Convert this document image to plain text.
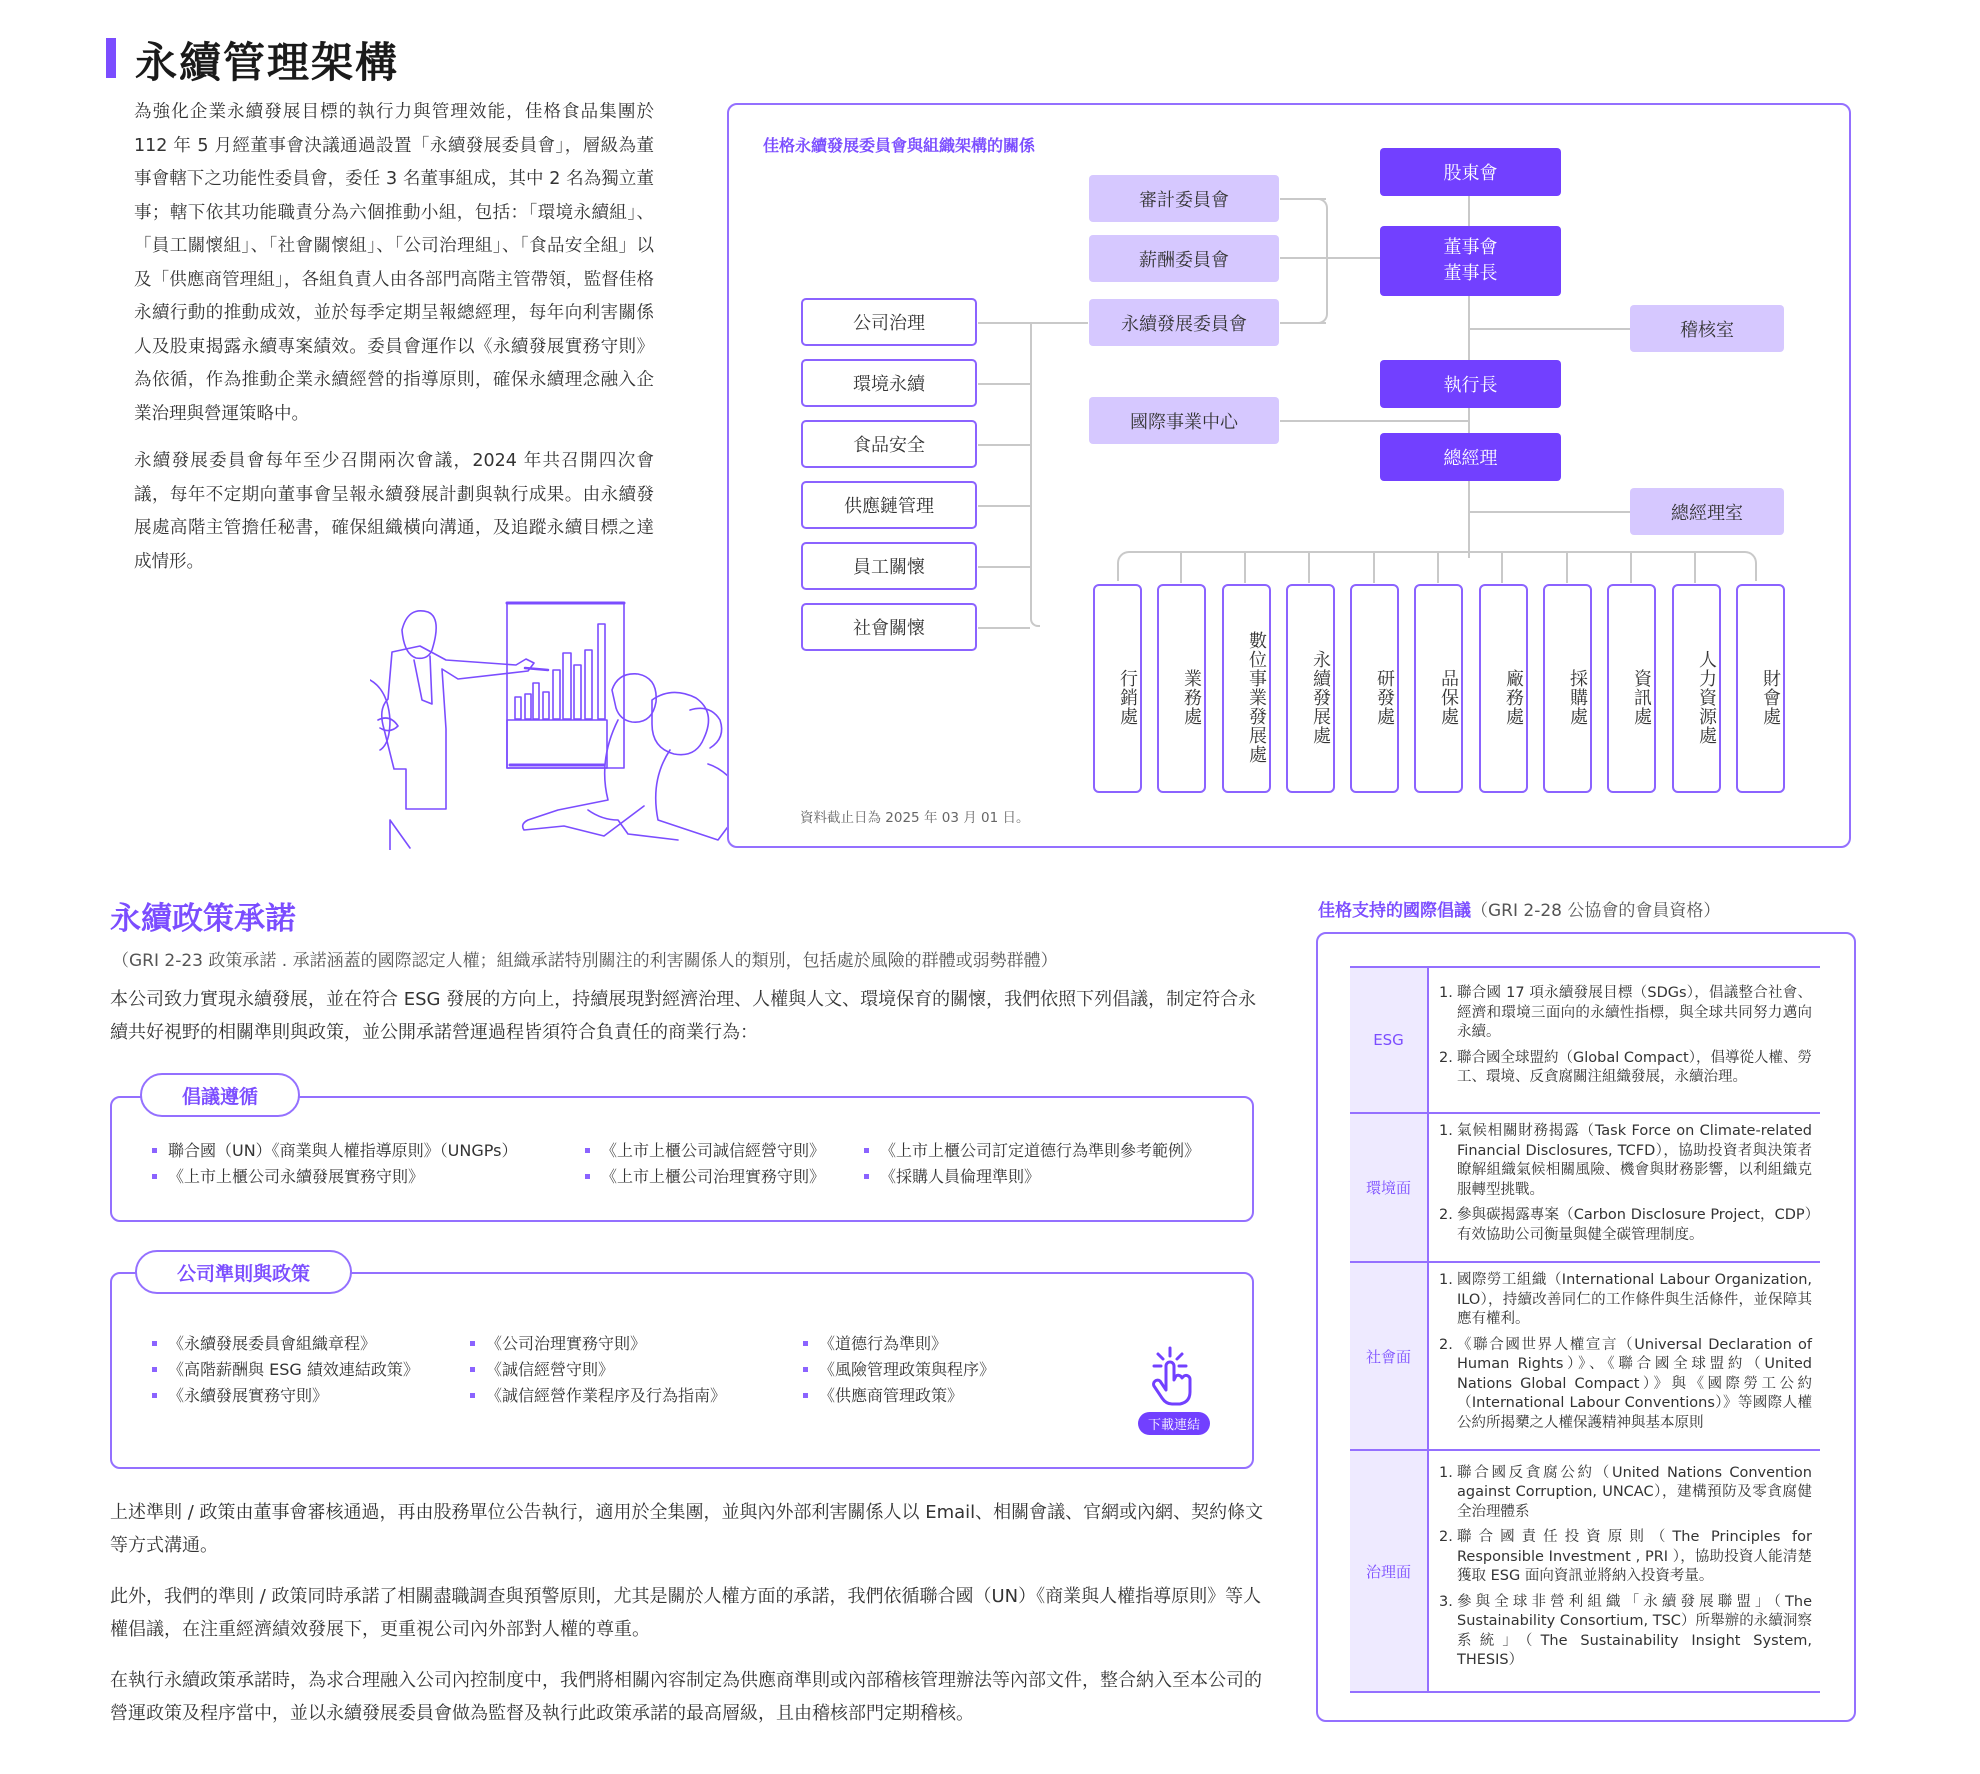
永續管理架構

為強化企業永續發展目標的執行力與管理效能，佳格食品集團於 112 年 5 月經董事會決議通過設置「永續發展委員會」，層級為董事會轄下之功能性委員會，委任 3 名董事組成，其中 2 名為獨立董事；轄下依其功能職責分為六個推動小組，包括：「環境永續組」、「員工關懷組」、「社會關懷組」、「公司治理組」、「食品安全組」以及「供應商管理組」，各組負責人由各部門高階主管帶領，監督佳格永續行動的推動成效，並於每季定期呈報總經理，每年向利害關係人及股東揭露永續專案績效。委員會運作以《永續發展實務守則》為依循，作為推動企業永續經營的指導原則，確保永續理念融入企業治理與營運策略中。

永續發展委員會每年至少召開兩次會議，2024 年共召開四次會議，每年不定期向董事會呈報永續發展計劃與執行成果。由永續發展處高階主管擔任秘書，確保組織橫向溝通，及追蹤永續目標之達成情形。

佳格永續發展委員會與組織架構的關係
股東會
董事會
董事長
執行長
總經理
審計委員會
薪酬委員會
永續發展委員會
國際事業中心
稽核室
總經理室
公司治理
環境永續
食品安全
供應鏈管理
員工關懷
社會關懷
行銷處	業務處	數位事業發展處	永續發展處	研發處	品保處	廠務處	採購處	資訊處	人力資源處	財會處
資料截止日為 2025 年 03 月 01 日。
永續政策承諾
（GRI 2-23 政策承諾 . 承諾涵蓋的國際認定人權；組織承諾特別關注的利害關係人的類別，包括處於風險的群體或弱勢群體）

本公司致力實現永續發展，並在符合 ESG 發展的方向上，持續展現對經濟治理、人權與人文、環境保育的關懷，我們依照下列倡議，制定符合永續共好視野的相關準則與政策，並公開承諾營運過程皆須符合負責任的商業行為：

倡議遵循
聯合國（UN）《商業與人權指導原則》（UNGPs）
《上市上櫃公司永續發展實務守則》
《上市上櫃公司誠信經營守則》
《上市上櫃公司治理實務守則》
《上市上櫃公司訂定道德行為準則參考範例》
《採購人員倫理準則》
公司準則與政策
《永續發展委員會組織章程》
《高階薪酬與 ESG 績效連結政策》
《永續發展實務守則》
《公司治理實務守則》
《誠信經營守則》
《誠信經營作業程序及行為指南》
《道德行為準則》
《風險管理政策與程序》
《供應商管理政策》
下載連結

上述準則 / 政策由董事會審核通過，再由股務單位公告執行，適用於全集團，並與內外部利害關係人以 Email、相關會議、官網或內網、契約條文等方式溝通。

此外，我們的準則 / 政策同時承諾了相關盡職調查與預警原則，尤其是關於人權方面的承諾，我們依循聯合國（UN）《商業與人權指導原則》等人權倡議，在注重經濟績效發展下，更重視公司內外部對人權的尊重。

在執行永續政策承諾時，為求合理融入公司內控制度中，我們將相關內容制定為供應商準則或內部稽核管理辦法等內部文件，整合納入至本公司的營運政策及程序當中，並以永續發展委員會做為監督及執行此政策承諾的最高層級，且由稽核部門定期稽核。

佳格支持的國際倡議（GRI 2-28 公協會的會員資格）
ESG	
1. 聯合國 17 項永續發展目標（SDGs），倡議整合社會、經濟和環境三面向的永續性指標，與全球共同努力邁向永續。
2. 聯合國全球盟約（Global Compact），倡導從人權、勞工、環境、反貪腐關注組織發展，永續治理。

環境面	
1. 氣候相關財務揭露（Task Force on Climate-related Financial Disclosures, TCFD），協助投資者與決策者瞭解組織氣候相關風險、機會與財務影響，以利組織克服轉型挑戰。
2. 參與碳揭露專案（Carbon Disclosure Project，CDP）有效協助公司衡量與健全碳管理制度。

社會面	
1. 國際勞工組織（International Labour Organization, ILO），持續改善同仁的工作條件與生活條件，並保障其應有權利。
2. 《聯合國世界人權宣言（Universal Declaration of Human Rights）》、《聯合國全球盟約（United Nations Global Compact）》與《國際勞工公約（International Labour Conventions）》等國際人權公約所揭櫫之人權保護精神與基本原則

治理面	
1. 聯合國反貪腐公約（United Nations Convention against Corruption, UNCAC），建構預防及零貪腐健全治理體系
2. 聯合國責任投資原則（The Principles for Responsible Investment , PRI ），協助投資人能清楚獲取 ESG 面向資訊並將納入投資考量。
3. 參與全球非營利組織「永續發展聯盟」（The Sustainability Consortium, TSC）所舉辦的永續洞察系統」（The Sustainability Insight System, THESIS）
